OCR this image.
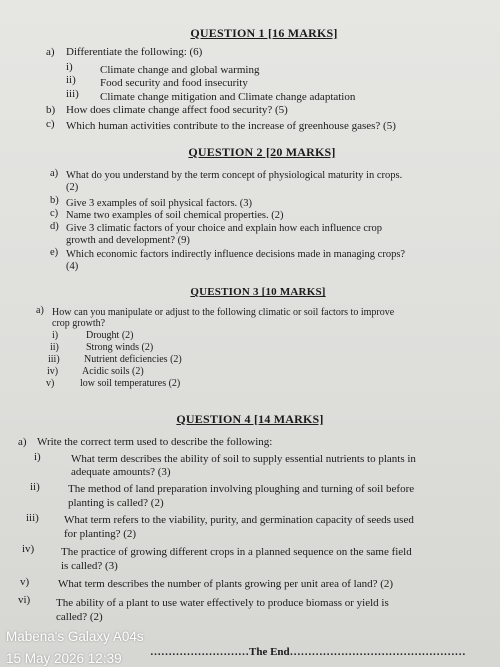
QUESTION 1 [16 MARKS]
a) Differentiate the following: (6)
i) Climate change and global warming
ii) Food security and food insecurity
iii) Climate change mitigation and Climate change adaptation
b) How does climate change affect food security? (5)
c) Which human activities contribute to the increase of greenhouse gases? (5)
QUESTION 2 [20 MARKS]
a) What do you understand by the term concept of physiological maturity in crops.
(2)
b) Give 3 examples of soil physical factors. (3)
c) Name two examples of soil chemical properties. (2)
d) Give 3 climatic factors of your choice and explain how each influence crop
growth and development? (9)
e) Which economic factors indirectly influence decisions made in managing crops?
(4)
QUESTION 3 [10 MARKS]
a) How can you manipulate or adjust to the following climatic or soil factors to improve
crop growth?
i)	Drought (2)
ii)	Strong winds (2)
iii) Nutrient deficiencies (2)
iv) Acidic soils (2)
v)	low soil temperatures (2)
QUESTION 4 [14 MARKS]
a) Write the correct term used to describe the following:
i)	What term describes the ability of soil to supply essential nutrients to plants in
adequate amounts? (3)
ii)	The method of land preparation involving ploughing and turning of soil before
planting is called? (2)
iii) What term refers to the viability, purity, and germination capacity of seeds used
for planting? (2)
iv) The practice of growing different crops in a planned sequence on the same field
is called? (3)
v)	What term describes the number of plants growing per unit area of land? (2)
vi) The ability of a plant to use water effectively to produce biomass or yield is
called? (2)
………………………The End…………………………………………
Mabena's Galaxy A04s
15 May 2026 12:39
